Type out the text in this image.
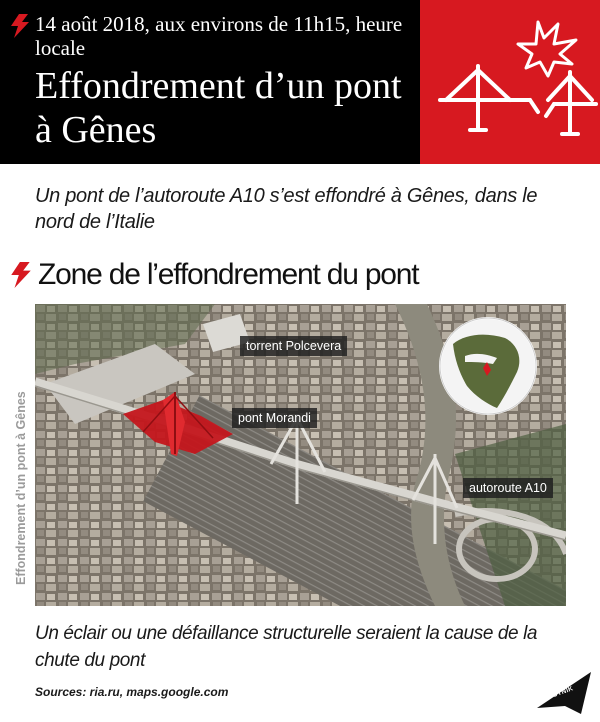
14 août 2018, aux environs de 11h15, heure locale
Effondrement d’un pont à Gênes
Un pont de l’autoroute A10 s’est effondré à Gênes, dans le nord de l’Italie
Zone de l’effondrement du pont
Effondrement d’un pont à Gênes
torrent Polcevera
pont Morandi
autoroute A10
Un éclair ou une défaillance structurelle seraient la cause de la chute du pont
Sources: ria.ru, maps.google.com	SPUTNIK
